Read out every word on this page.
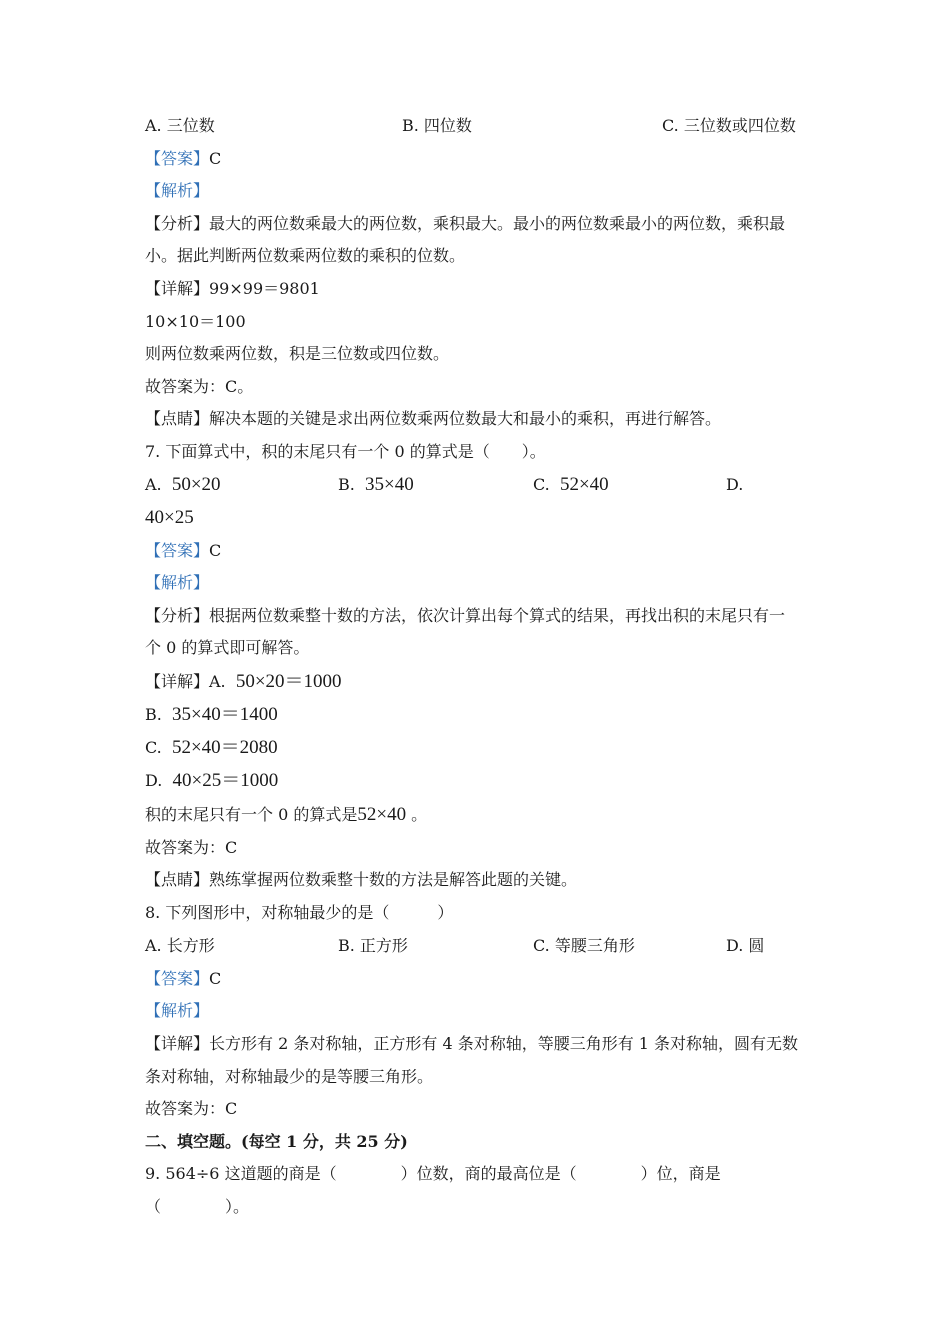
A. 三位数	B. 四位数	C. 三位数或四位数
【答案】C
【解析】
【分析】最大的两位数乘最大的两位数，乘积最大。最小的两位数乘最小的两位数，乘积最
小。据此判断两位数乘两位数的乘积的位数。
【详解】99×99＝9801
10×10＝100
则两位数乘两位数，积是三位数或四位数。
故答案为：C。
【点睛】解决本题的关键是求出两位数乘两位数最大和最小的乘积，再进行解答。
7. 下面算式中，积的末尾只有一个 0 的算式是（　　）。
A. 50×20	B. 35×40	C. 52×40	D.
40×25
【答案】C
【解析】
【分析】根据两位数乘整十数的方法，依次计算出每个算式的结果，再找出积的末尾只有一
个 0 的算式即可解答。
【详解】A. 50×20＝1000
B. 35×40＝1400
C. 52×40＝2080
D. 40×25＝1000
积的末尾只有一个 0 的算式是52×40 。
故答案为：C
【点睛】熟练掌握两位数乘整十数的方法是解答此题的关键。
8. 下列图形中，对称轴最少的是（　　　）
A. 长方形	B. 正方形	C. 等腰三角形	D. 圆
【答案】C
【解析】
【详解】长方形有 2 条对称轴，正方形有 4 条对称轴，等腰三角形有 1 条对称轴，圆有无数
条对称轴，对称轴最少的是等腰三角形。
故答案为：C
二、填空题。(每空 1 分，共 25 分)
9. 564÷6 这道题的商是（　　　　）位数，商的最高位是（　　　　）位，商是
（　　　　）。
